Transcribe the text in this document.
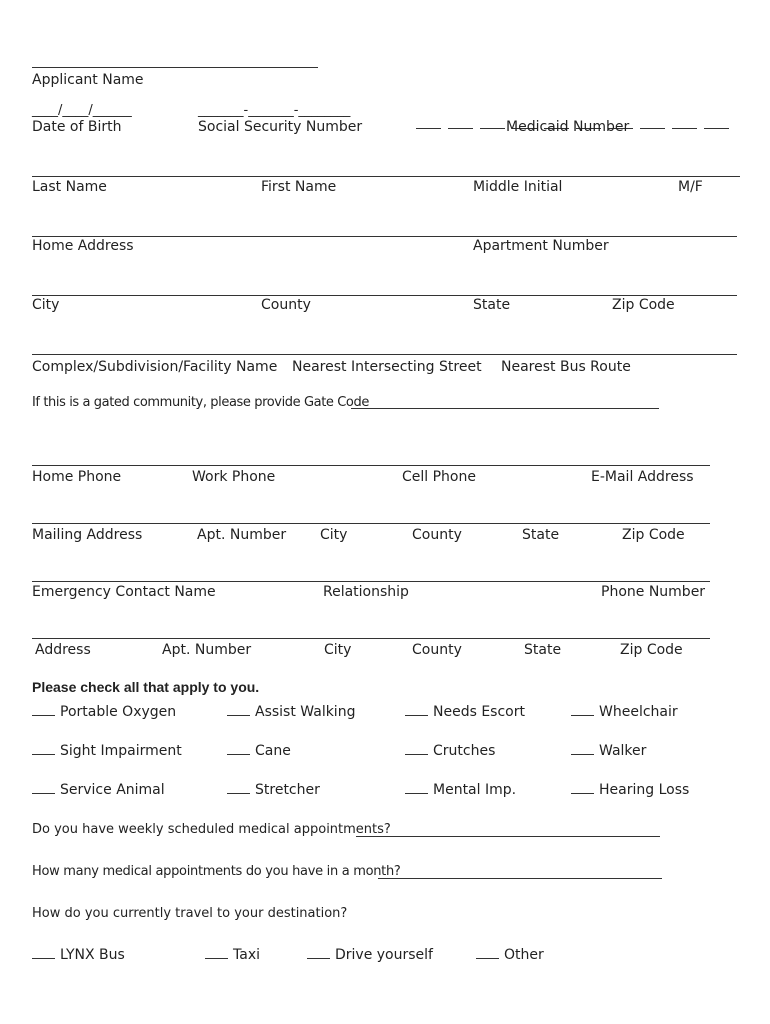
Applicant Name
____/____/______	_______-_______-________
Date of Birth	Social Security Number	Medicaid Number
Last Name	First Name	Middle Initial	M/F
Home Address	Apartment Number
City	County	State	Zip Code
Complex/Subdivision/Facility Name Nearest Intersecting Street Nearest Bus Route
If this is a gated community, please provide Gate Code
Home Phone	Work Phone	Cell Phone	E-Mail Address
Mailing Address	Apt. Number City	County	State	Zip Code
Emergency Contact Name	Relationship	Phone Number
Address	Apt. Number	City	County	State	Zip Code
Please check all that apply to you.
Portable Oxygen	Assist Walking	Needs Escort	Wheelchair
Sight Impairment	Cane	Crutches	Walker
Service Animal	Stretcher	Mental Imp.	Hearing Loss
Do you have weekly scheduled medical appointments?
How many medical appointments do you have in a month?
How do you currently travel to your destination?
LYNX Bus	Taxi	Drive yourself	Other
